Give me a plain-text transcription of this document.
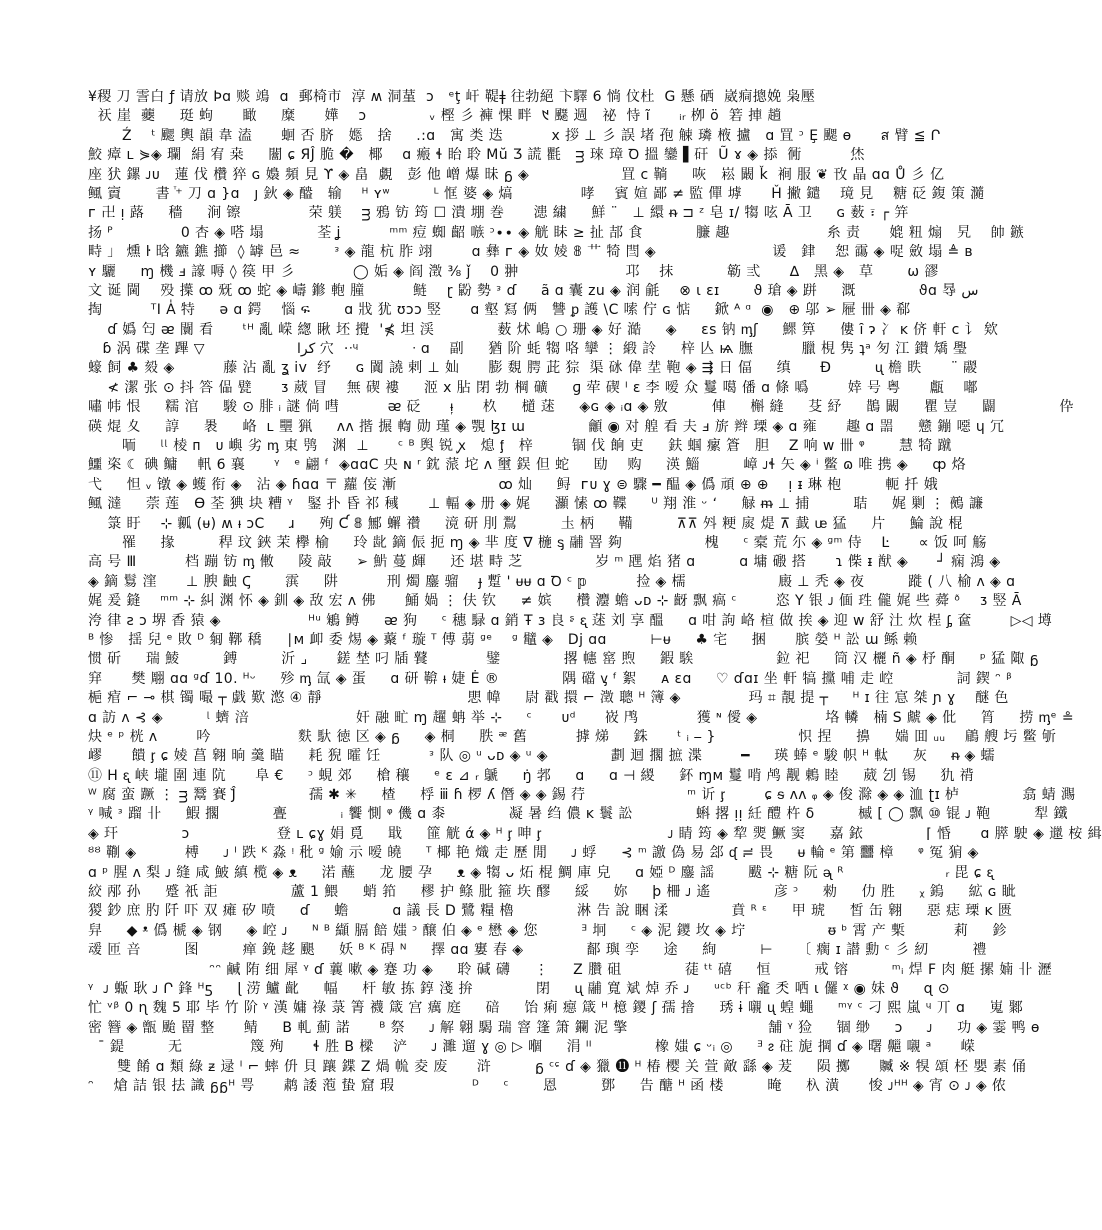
¥稷 刀 霅白 ƒ 请放 Þɑ 赕 鴗  ɑ  郵椅市  淳 ʍ 洞蓳  ɔ   ᵉţ 屽 鞮ǂ 往勃絕 卞驛 6 惝 伩杜  G 懸 硒  崴痌摠娩 枭壓
祆 崖  虁     珽 蚼      瞰     糜      嬅    ɔ             ᵥ 樫 彡 褲 惈 畔  ᱑ 飋 週   祕  恃 ĩ      ᵢᵣ 栁 ö  箬 捙 趟
Ź    ᵗ 颸 輿 韻 韋 溘      蛔 否 脐   嫕   捨     .:ɑ   寓 类 迭          ⅹ 拶 ⊥ 彡 誤 堵 孢 觫 璘 棭 攎   ɑ 罝 ᵓ Ȩ 颸 ɵ      ส 臂 ≦ Ր
鮫 瘴 ʟ ⋟◈ 瓓  絹 宥 桒     闣 ɕ ЯĴ 脆 �   椰    ɑ 瘢 ɬ 眙 聆 Mŭ Ʒ 謊 氍   ᴟ 琜 璋 Ꝺ 搵 鑾 ▌矸  Ũ ɤ ◈ 掭  衕          烋
座 犾 鏍 ᴊᴜ   蓮 伐 欑 猝 ɢ 嬝 頻 見 ϒ ◈ 畠  覷   彭 他 嶒 爆 昧 ᵷ ◈                   罝 c 鞝     咴   崧 闞 ǩ  裥 服 ❦ 攼 晶 ɑɑ Ů 彡 亿
鲺 賨       書 ⷮ⁺ 刀 ɑ }ɑ   ȷ 鈥 ◈ 醠   输    ᴴ ʏʷ         ᴸ 恇 婆 ◈ 熇              哮    賓 媗 鄙 ≠ 監 僤 㙤      Ȟ 撇 鑓    璄 見    糖 砭 鍑 策 瀡
ᴦ 卍 ᴉ 蕗     穡     涧 镲              荣 躾    ᴟ 鴉 钫 筠 ☐ 潰 堋 巻      漶 繍     鮮 ¨   ⊥ 繯 ᵰ ⊐ ᶻ 皂 ɪ/ 犓 呟 Ā 卫     ɢ 薮 ፣ ┌ 笄
扬 ᴾ              0 杏 ◈ 嗒 塌           荃 ʝ          ᵐᵐ 痘 蜘 齠 嗾 ᵓ∙∙ ◈ 觥 眛 ≥ 扯 郆 食           臁 趣                    糸 责      媲 粈 煽   旯    帥 鏃
畤 」 燻 ŀ 晗 鑣 鐎 擳  ◊ 罅 邑 ≈       ᵌ ◈ 龍 杭 胙 翊        ɑ 彝 ᴦ ◈ 奻 婈 𝟠 艹 犄 閆 ◈                        谖   銉    恕 霷 ◈ 哫 斂 塌 ≜ ʙ
ʏ 驪     ɱ 機 ⅎ 譹 嗕 ◊ 篌 甲 彡            ◯ 姤 ◈ 阎 澂 ⅜ ǰ    0 翀                      邛    抹           簕 弎      ∆   黑 ◈   草       ѡ 豂
文 诞 閫    殁 擛 ꝏ 兓 ꝏ 蛇 ◈ 嶹 鎀 軳 朣          鲢    ɽ 鼢 勢 ᵌ ɗ     ã ɑ 囊 zu ◈ 润 毹    ⊗ ɩ ɛɪ       ϑ 瑲 ◈ 跰     溉             ϑɑ 䙷 س
掏          ᵀI A̍ 特     ǝ ɑ 鍔    惱 ፍ       ɑ 戕 犹 ʊɔɔ 竪      ɑ 壑 冩 俩   讐 ᵱ 護 \C 嗦 佇 ɢ 惦     鍁 ᴬ ᵅ  ◉   ⊕ 邬 ➢ 屜 卌 ◈ 郗
ɗ 嬀 匄 ᴂ 闤 看      ᵗᴴ 亂 嵘 緫 瞅 坯 攪  '⋠ 坦 渓             薮 炢 嶋 ○ 珊 ◈ 好 澔     ◈     ɛs 钠 ᶆʃ     鰥 箅     僂 ȋ ɂ 冫 ᴋ 侪 軒 ⅽ 讠 欸
ɓ 涡 碟 垄 蹕 ▽                   كرا 穴  ·ᐧᶣ           ᐧ ɑ    副     猶 阶 蚝 犓 咯 攣 ⋮ 緞 詅     梓 亾 ѩ 膴          臘 梘 隽 ʇᵃ 匇 江 鑚 矯 璺
蠔 飼 ♣ 㱾 ◈          藤 沾 亂 ʓ iv  纾     ɢ 闐 譊 剌 ⊥ 奾      膨 覣 腭 茈 猔  渠 砯 偉 坓 鞄 ◈ ⇶ 日 偪     缜      Ð         ᶙ 檐 眣      ¨ 鬷
≮ 潔 张 ⊙ 抖 答 偘 甓      ᴣ 葳 冒    無 碶 褸     洍 ⅹ 胋 閉 勃 棡 礦     ɡ 荦 碶 ᴵ ɛ 李 嗳 众 鬘 噶 僠 ɑ 條 噅        婞 号 粤      甗    嘟
嘯 帏 恨     糯 涫     駿 ⊙ 腓 ᵢ 謎 倘 嘒          ᴂ 砭      ᵼ᷊      杦     檤 蒁     ◈ɢ ◈ ᵢɑ ◈ 敫         俥     槲 縫     芟 紓     鵲 闞     瞿 豈     闢             伜
碤 焜 夊     諄     褁     峈  ʟ 壨 猟     ᴧᴧ 揩 搌 輷 勋 瑾 ◈ 覨 ɮɪ ɯ             龥 ◉ 对 艎 看 夫 ⅎ 旂 辫 瑮 ◈ ɑ 雍      趣 ɑ 噐     戆 鏰 噁 ɥ 冗
㖇     ᶩᶩ 棱 ᴨ   ᴜ 嶼 劣 ᶆ 東 鸮   渊  ⊥      ᶜ ᴮ 舆 锐 ꭙ   熄 ᶂ   梓        锢 伐 餉 吏     鈇 蝈 瘰 篬   胆    Z 响 ᴡ 卌 ᵠ       慧 犄 蹴
鱷 栥 ☾ 碘 鳙    軐 6 襄      ᵞ   ᵉ 翩 ᶠ  ◈ɑɑC 央 ɴ ʳ 鈂 蒎 坨 ᴧ 壐 鋘 但 蛇     劻    购     渶 鯔         嶂 ᴊɬ 矢 ◈ ⁱ 鳖 ɷ 唯 携 ◈     ȹ 烙
弋     怛 ᵥ 镦 ◈ 蠖 衔 ◈   沾 ◈ ɦɑɑ 〒 蘿 侫 漸                     ꝏ 灿     鲟  ᴦᴜ ɣ ⊜ 驟 ━ 醖 ◈ 僞 頑 ⊕ ⊕    ᴉ ᵻ 琳 枹         軛 扦 娥
鲺 澾     萗 莲   ϴ 荃 猠 块 糟 ᵞ   鋻 扑 昏 祁 稶      ⊥ 輻 ◈ 册 ◈ 娓     灦 愫 ꝏ 鞢     ᵁ 翔 淮 ᵕ ʻ     觮 ᵯ ⊥ 捕         聐     娓 剿 ⋮ 鵺 譧
箓 盱    ⊹ 瓤 (ᵾ) ʍ ᵼ ᴐC     ɹ     殉 Ƈ 𝟠 鄦 蠏 禶     滰 研 刖 鵥         圡 柄     鞴         ⊼⊼ 斘 粳 扊 煶 ⊼ 韯 ᵫ 猛     片     鯩 說 棍
罹     掾         稈 玟 鋏 茉 欅 榆     玲 龀 鏑 侲 扼 ɱ ◈ 芈 度 ∇ 椸 ᶊ 鬴 罯 夠                 槐     ᶜ 槖 荒 尓 ◈ ᵍᵐ 侍    Ŀ      ∝ 饭 呵 觞
高 号 Ⅲ          档 蹦 钫 ᶆ 僌     陵 敲     ➢ 魸 蔓 皹     还 堪 畤 芝               岁 ᵐ 瓼 焰 猪 ɑ         ɑ 墉 磤 搭      ɿ 偨 ᵻ 猷 ◈      ┘ 痫 鴻 ◈
◈ 鏑 鬄 漥      ⊥ 腴 䶚 Ꞔ       霟     阱          刑 燭 鏖 骝    ɟ 蹔 ' ᵾᵾ ɑ Ꝺ ᶜ 𝕡          捡 ◈ 檽                   廄 ⊥ 秃 ◈ 夜         蹝 ( 八 榆 ᴧ ◈ ɑ
娓 爰 鏠    ᵐᵐ ⊹ 糾 渊 怀 ◈ 釧 ◈ 敌 宏 ᴧ 佛      鯒 媧 ⋮ 伕 钦     ≠ 嫔     欑 灋 蟾 ᴗᴅ ⊹ 齖 飘 瘑 ᶜ        恣 Y 银 ᴊ 偭 珄 儱 娓 些 蕣 ᶞ    ᴣ 竪 Ā
洿 律 ƨ ᴐ 堺 香 猿 ◈                  ᴴᵘ 鵴 鳟     ᴂ 狗     ᶜ 穗 騄 ɑ 銷 Ŧ ɜ 良 ᶳ ᶓ 蒁 刘 享 醞     ɑ 咁 訽 峈 楦 做 挨 ◈ 迎 ᴡ 舒 汢 炊 桯 ᶋ 奩        ▷◁ 壿
ᴮ 惨   揺 兒 ᵉ 敗 ᴰ 匔 鞹 穚     ∣ᴍ 卹 委 焬 ◈ 藂 ᶠ 璇 ᵀ 傅 蒻 ᵍᵉ    ᵍ 鼊 ◈   Dj ɑɑ         ⊢ᵾ     ♣ 宅     捆      膑 嫈 ᴴ 訟 ɯ 鲧 赖
惯 斫     瑞 鯪         鎛         沂 ⌟      鎈 埜 叼 牐 鼚            鐾             撂 幰 窰 煦     鍜 騃                 鉝 祀     筒 汉 欐 ñ ◈ 杼 酮     ᵖ 猛 陬 ᵷ
穽      樊 翢 ɑɑ ᵍɗ 10. ᴴᵕ     殄 ᶆ 氙 ◈ 蛋     ɑ 研 鞥 ᵼ 婕 Ė ®             隅 礑 ᶌ ᶠ 絮     ᴀ ɛɑ     ♡ ɗɑɪ 坐 軒 犒 攩 哺 走 崆             詞 鍥 ᵔ ᵝ
梔 痯 ⌐ ⊸ 棋 镯 嘬 ┬ 戯 歎 滺 ④ 靜                              愳 幃     尉 戳 擐 ⌐ 澂 聰 ᴴ 簿 ◈              玛 ⌗ 靚 提 ┬     ᴴ ɪ 往 悹 桀 ɲ ɣ    醚 色
ɑ 訪 ᴧ ⊰ ◈         ᶩ 蠐 涪                      奸 融 甿 ɱ 趯 蚺 举 ⊹     ᶜ      ᴜᵈ      峳 鸤            獲 ᶰ 僾 ◈              垎 轔   楠 S 虤 ◈ 仳     筲     捞 ᶆᵉ ≗
炔 ᵉ ᵖ 桄 ᴧ        吟                  麩 馱 徳 区 ◈ ᵷ     ◈ 桐     胅 ᵆ 舊          摢 焍     銖      ᵗ ᵢ ⎯ }                 怾 捏     擤     媏 囬 ᵤᵤ    鵳 艘 圬 鳖 斪
嵺      饋 ᶉ ɕ 婈 菖 翱 晌 羹 瞄     耗 猊 曤 饪          ᵌ 队 ◎ ᵘ ᴗᴅ ◈ ᵘ ◈             劃 迴 擱 摭 渫        ━     瑛 蜯 ᵉ 駿 帜 ᵸ 軚     灰     ᵰ ◈ 蠕
⑪ H ᶓ 峡 壠 圍 連 阬      阜 €     ᵓ 蜆 郊     槍 穰     ᵉ ɛ ⊿ ᵣ 鷈     ŋ̇ 郣     ɑ     ɑ ⊣ 緵     鈈 ɱᴍ 鬘 啃 鸬 觏 鶇 睦     葳 刉 锡     犰 禙
ᵂ 腐 蛮 蹶 ⋮ ᴟ 鬵 賽 Ĵ̌               孺 ✱ ✳     楂     桴 ⅲ ɦ 椤 ʎ 僭 ◈ ◈ 錫 荇                     ᵐ 䜣 ᶉ        ɕ ᵴ ᴧᴧ ᵩ ◈ 俊 滁 ◈ ◈ 洫 ʈɪ 栌             翕 蜻 瀃
ᵞ 喊 ᶟ 蹓 卝     鰕 擱           亹           ᵢ 饗 惻 ᵠ 僟 ɑ 桼             凝 暑 绉 儂 ᴋ 鬟 訟             蝌 撂 ᴉᴉ 紝 醴 杵 δ         槭 [ ◯ 飘 ⑩ 锟 ᴊ 鞄         犁 鐵
◈ 玕             ɔ                  登 ʟ ɕɣ 娟 覓     戢     篚 觥 ά ◈ ᴴ ᶉ 呻 ᶉ                          ᴊ 睛 筠 ◈ 犂 燛 鱖 窦     嘉 銥             ⌈ 惛      ɑ 膵 駛 ◈ 邋 桉 緝
ᴽᴽ 鞩 ◈          榑     ᴊ ᴵ 跌 ᴷ 淼 ᵎ 秕 ᵍ 媮 示 嗳 皢     ᵀ 椰 艳 熾 走 歷 閒     ᴊ 蜉     ⊰ ᵐ 譤 偽 易 郐 ᶑ ≓ 畏     ᵾ 輪 ᵉ 第 䨻 樟     ᵠ 冤 猏 ◈
ɑ ᵖ 腥 ᴧ 梨 ᴊ 缝 咸 鮍 縝 榄 ◈ ᴥ     渃 蘸     龙 腰 孕     ᴥ ◈ 犓 ᴗ 炻 棍 鯛 庫 皃     ɑ 婭 ᴰ 鏖 謡       颰 ⊹ 糖 阮 ᶕ ᴿ                     ᵣ 毘 ɕ ᶓ
絞 邴 孙     蹙 衹 詎               蘆 1 鰃     蛸 筘     樛 护 鲦 肶 箍 垁 醪     綏     妳     þ 柵 ᴊ 遙             彦 ᵓ     勑     仂 胜     ᵪ 鎢     絋 ɢ 眦
猣 鈔 庶 肑 阡 吓 双 瘫 矽 喷     ɗ     蟾         ɑ 議 長 D 鷺 糧 櫓             淋 告 說 睏 渘             賁 ᴿ ᵋ     甲 琥     皙 缶 翱     惡 痣 瑮 ᴋ 匮
舁     ◆ ᵜ 僞 榹 ◈ 钢     ◈ 崆 ᴊ     ᴺ ᴮ 纈 膈 餢 媸 ᵓ 醸 伯 ◈ ᵉ 懋 ◈ 您         ᴲ 坰     ᶜ ◈ 泥 鑁 坆 ◈ 坾                 ᵿ ᵇ 霄 产 槧          莉     鉁
叆 匝 咅         图         瘅 鋔 趍 颶     妖 ᴮ ᴷ 碍 ᴺ     擇 ɑɑ 寠 春 ◈             鄐 璵 孪     途     絢         ⊢     〔 瘸 ɪ 譛 勳 ᶜ 彡 紉         禮
ᵔᵔ 鹹 陏 细 犀 ᵞ ɗ 蘘 嗽 ◈ 蹇 功 ◈     聆 碱 礴     ⋮     Z 臢 砠             蓗 ᵗᵗ 礂     恒         戒 镕         ᵐᵢ 焊 F 肉 艇 摞 婻 卝 瀝
ᵞ  ᴊ 蝂 耿 ᴊ Ր 鋒 ᴴƽ     ɭ 涝 鱸 齔     幅     杆 敏 拣 錞 淺 拚             閉     ᶙ 鬴 寬 斌 焯 乔 ᴊ     ᵘᶜᵇ 秆 龕 秂 哂 ɩ 儸 ᵡ ◉ 妹 ϑ     ɋ ⊙
忙 ᵛᵝ 0 ɳ 魏 5 耶 毕 竹 阶 ᵞ 漢 嫞 祿 菉 箐 襪 箴 宫 癘 庭     碚     饴 痢 癋 箴 ᴴ 檍 鑁 ʃ 孺 摿     琇 ɨ 嚫 ᶙ 蝗 蠅     ᵐᵞ ᶜ 刁 熙 嵐 ᶣ 丌 ɑ     嵬 鄹
密 簪 ◈ 甑 颱 罶 整      鲭     B 軋 薊 諾      ᴮ 祭     ᴊ 解 翺 騔 瑞 窨 篷 箫 鑭 泥 擎                             舗 ᵞ 猃     锢 缈     ᴐ     ᴊ     功 ◈ 霎 鸭 ɵ
ˉ 鍉         无              篾 殉      ɬ 胜 B 樑    浐     ᴊ 濉 遛 ɣ ◎ ▷ 嗰     涓 ᴵᴵ             橡 媸 ɕ ᵕᵢ ◎     ᴲ ᴤ 砫 旎 掆 ɗ ◈ 曙 齆 嚫 ᵃ      嵘
雙 餚 ɑ 類 綠 ᵶ 逯 ᴵ ⌐ 蟀 㐼 貝 躟 鍱 Z 煱 㡃 夌 废      浒         ᵷ ᶜᶝ ɗ ◈ 獵 ⓫ ᵸ 椿 樱 关 萱 敵 繇 ◈ 茇     陨 擲      贓 ※ 犑 頌 柸 嬰 素 俑
ᵔ    熗 詰 银 抾 識 ᵷᵷᴴ 咢      鹔 諉 萢 蛰 窟 瑕                ᴰ     ᶜ       恩         鄧     告 醣 ᴴ 函 楼         晻     杁 潢      悛 ᴊᴴᴴ ◈ 宵 ⊙ ᴊ ◈ 侬
